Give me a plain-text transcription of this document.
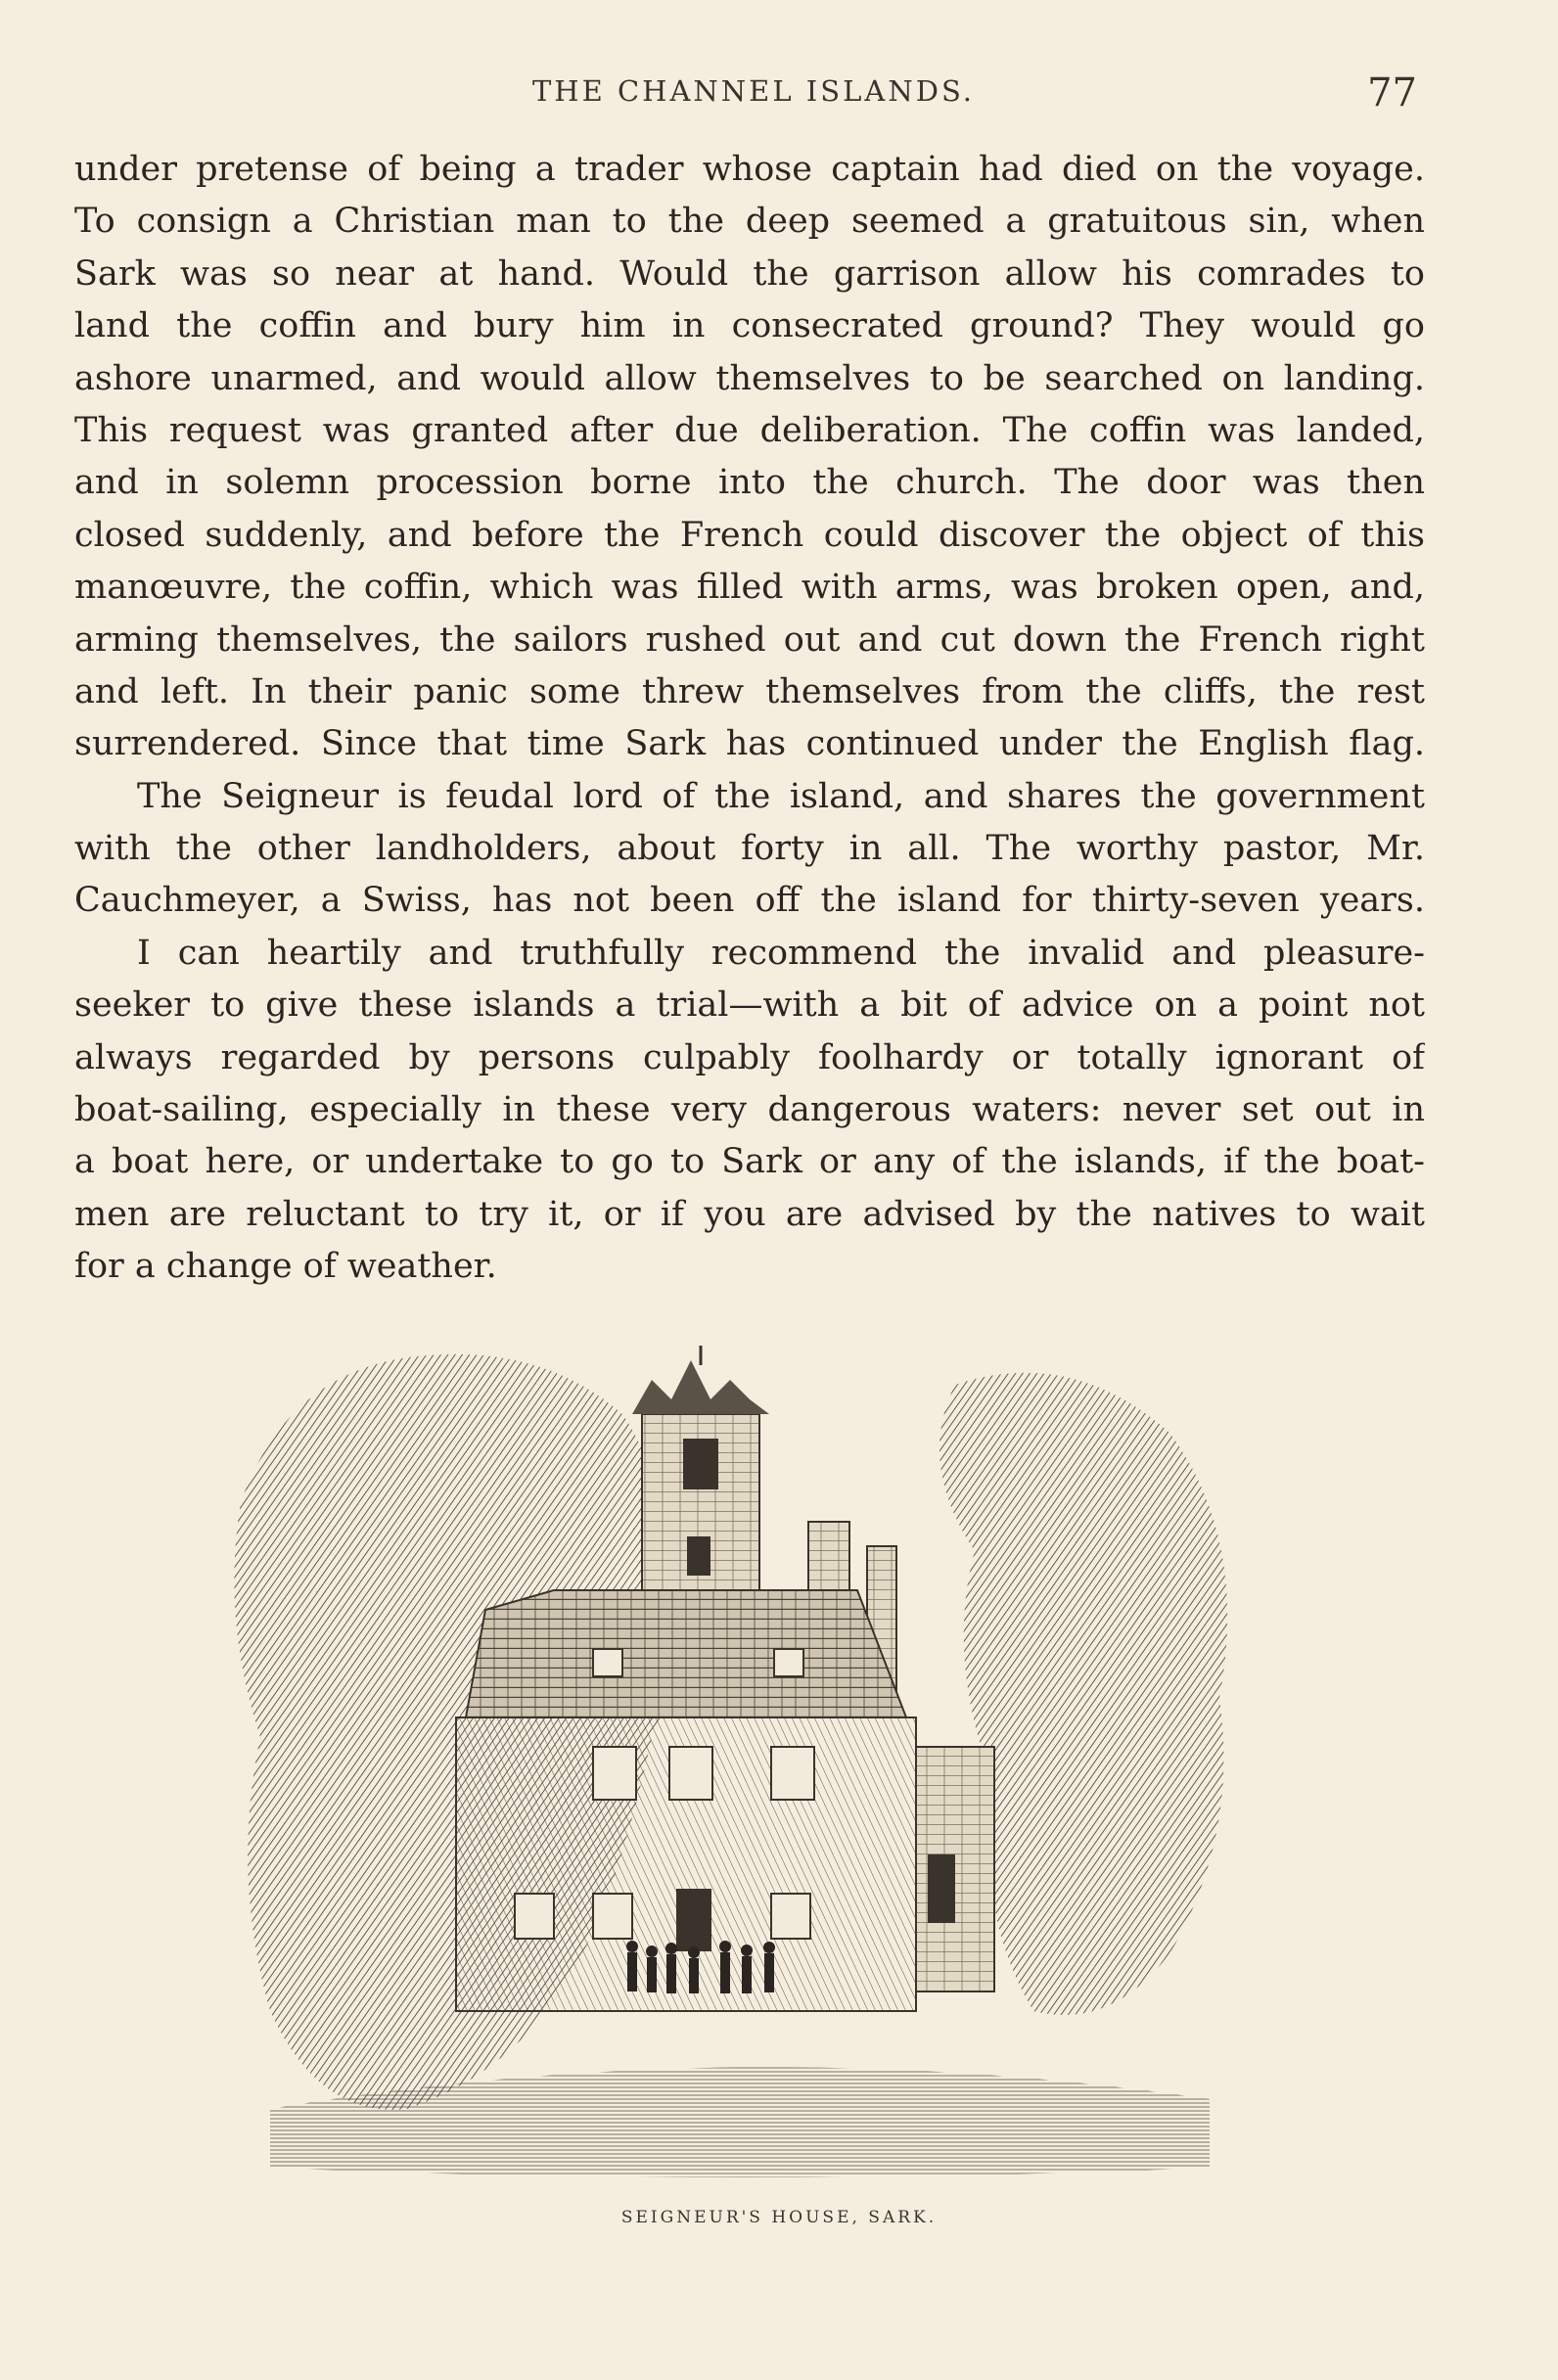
THE CHANNEL ISLANDS.	77
under pretense of being a trader whose captain had died on the voyage.
To consign a Christian man to the deep seemed a gratuitous sin, when
Sark was so near at hand. Would the garrison allow his comrades to
land the coffin and bury him in consecrated ground? They would go
ashore unarmed, and would allow themselves to be searched on landing.
This request was granted after due deliberation. The coffin was landed,
and in solemn procession borne into the church. The door was then
closed suddenly, and before the French could discover the object of this
manœuvre, the coffin, which was filled with arms, was broken open, and,
arming themselves, the sailors rushed out and cut down the French right
and left. In their panic some threw themselves from the cliffs, the rest
surrendered. Since that time Sark has continued under the English flag.
The Seigneur is feudal lord of the island, and shares the government
with the other landholders, about forty in all. The worthy pastor, Mr.
Cauchmeyer, a Swiss, has not been off the island for thirty-seven years.
I can heartily and truthfully recommend the invalid and pleasure-
seeker to give these islands a trial—with a bit of advice on a point not
always regarded by persons culpably foolhardy or totally ignorant of
boat-sailing, especially in these very dangerous waters: never set out in
a boat here, or undertake to go to Sark or any of the islands, if the boat-
men are reluctant to try it, or if you are advised by the natives to wait
for a change of weather.
SEIGNEUR'S HOUSE, SARK.
